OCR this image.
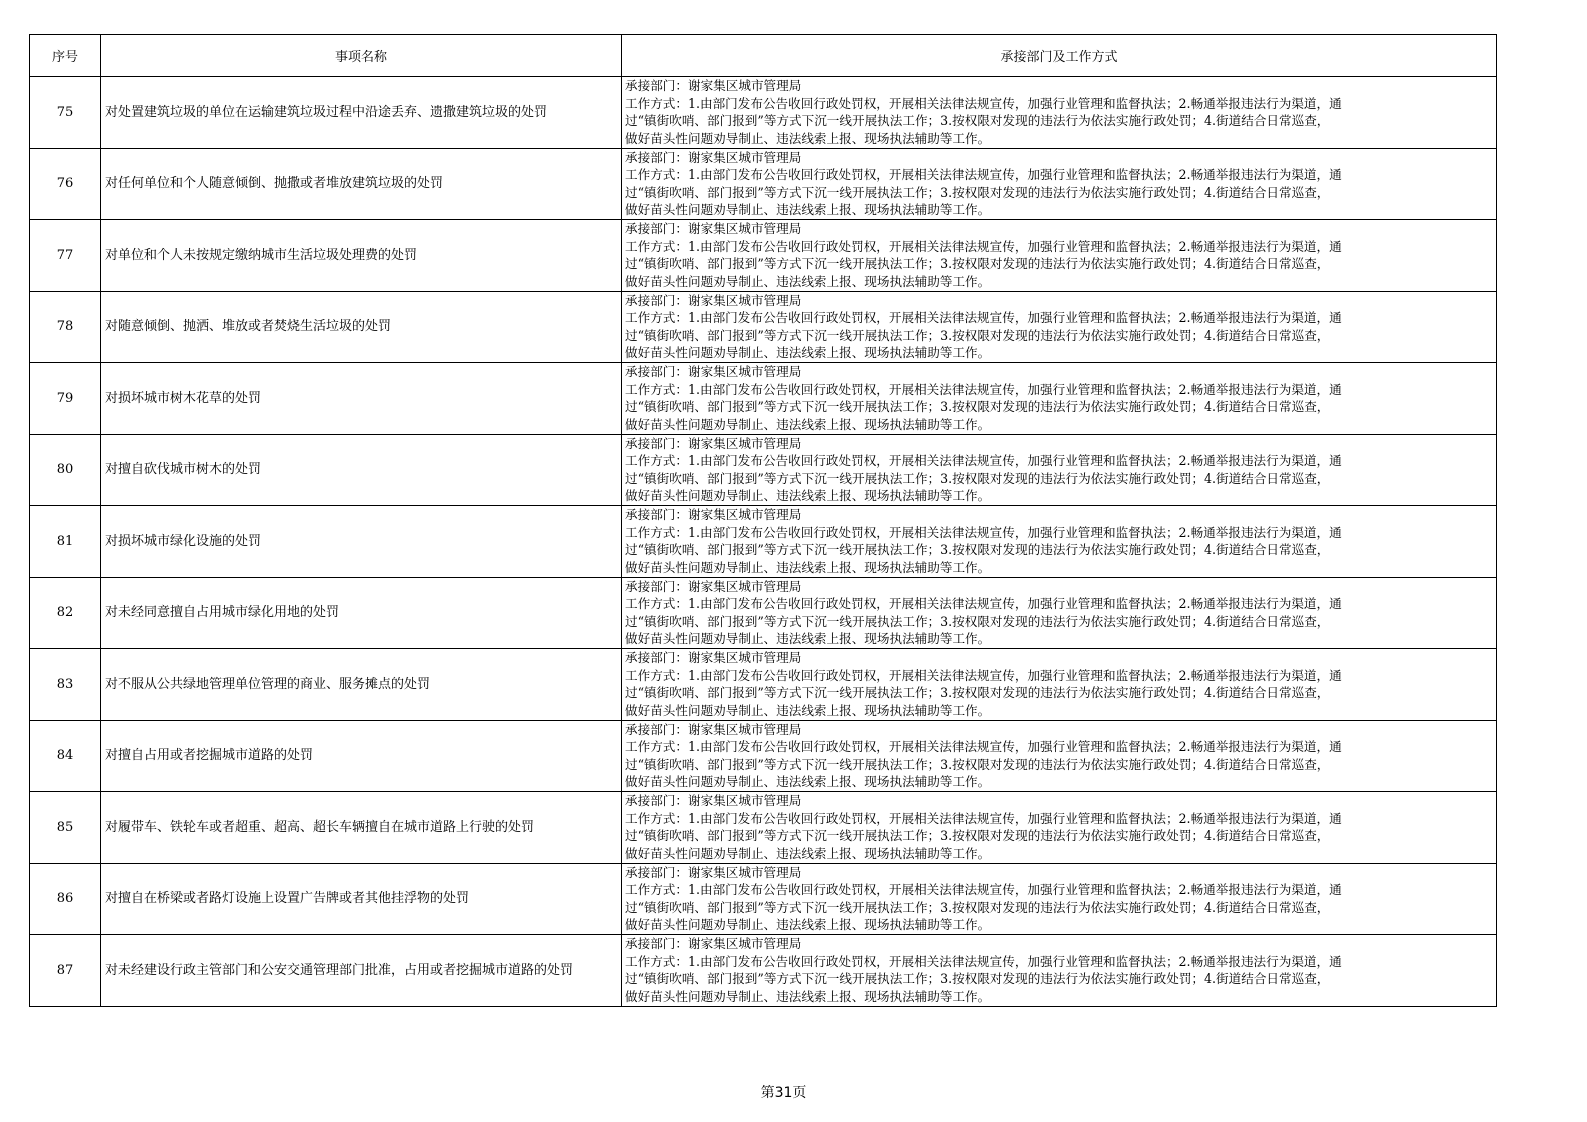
序号	事项名称	承接部门及工作方式
75	对处置建筑垃圾的单位在运输建筑垃圾过程中沿途丢弃、遗撒建筑垃圾的处罚	承接部门：谢家集区城市管理局
工作方式：1.由部门发布公告收回行政处罚权，开展相关法律法规宣传，加强行业管理和监督执法；2.畅通举报违法行为渠道，通
过“镇街吹哨、部门报到”等方式下沉一线开展执法工作；3.按权限对发现的违法行为依法实施行政处罚；4.街道结合日常巡查，
做好苗头性问题劝导制止、违法线索上报、现场执法辅助等工作。

76	对任何单位和个人随意倾倒、抛撒或者堆放建筑垃圾的处罚	承接部门：谢家集区城市管理局
工作方式：1.由部门发布公告收回行政处罚权，开展相关法律法规宣传，加强行业管理和监督执法；2.畅通举报违法行为渠道，通
过“镇街吹哨、部门报到”等方式下沉一线开展执法工作；3.按权限对发现的违法行为依法实施行政处罚；4.街道结合日常巡查，
做好苗头性问题劝导制止、违法线索上报、现场执法辅助等工作。

77	对单位和个人未按规定缴纳城市生活垃圾处理费的处罚	承接部门：谢家集区城市管理局
工作方式：1.由部门发布公告收回行政处罚权，开展相关法律法规宣传，加强行业管理和监督执法；2.畅通举报违法行为渠道，通
过“镇街吹哨、部门报到”等方式下沉一线开展执法工作；3.按权限对发现的违法行为依法实施行政处罚；4.街道结合日常巡查，
做好苗头性问题劝导制止、违法线索上报、现场执法辅助等工作。

78	对随意倾倒、抛洒、堆放或者焚烧生活垃圾的处罚	承接部门：谢家集区城市管理局
工作方式：1.由部门发布公告收回行政处罚权，开展相关法律法规宣传，加强行业管理和监督执法；2.畅通举报违法行为渠道，通
过“镇街吹哨、部门报到”等方式下沉一线开展执法工作；3.按权限对发现的违法行为依法实施行政处罚；4.街道结合日常巡查，
做好苗头性问题劝导制止、违法线索上报、现场执法辅助等工作。

79	对损坏城市树木花草的处罚	承接部门：谢家集区城市管理局
工作方式：1.由部门发布公告收回行政处罚权，开展相关法律法规宣传，加强行业管理和监督执法；2.畅通举报违法行为渠道，通
过“镇街吹哨、部门报到”等方式下沉一线开展执法工作；3.按权限对发现的违法行为依法实施行政处罚；4.街道结合日常巡查，
做好苗头性问题劝导制止、违法线索上报、现场执法辅助等工作。

80	对擅自砍伐城市树木的处罚	承接部门：谢家集区城市管理局
工作方式：1.由部门发布公告收回行政处罚权，开展相关法律法规宣传，加强行业管理和监督执法；2.畅通举报违法行为渠道，通
过“镇街吹哨、部门报到”等方式下沉一线开展执法工作；3.按权限对发现的违法行为依法实施行政处罚；4.街道结合日常巡查，
做好苗头性问题劝导制止、违法线索上报、现场执法辅助等工作。

81	对损坏城市绿化设施的处罚	承接部门：谢家集区城市管理局
工作方式：1.由部门发布公告收回行政处罚权，开展相关法律法规宣传，加强行业管理和监督执法；2.畅通举报违法行为渠道，通
过“镇街吹哨、部门报到”等方式下沉一线开展执法工作；3.按权限对发现的违法行为依法实施行政处罚；4.街道结合日常巡查，
做好苗头性问题劝导制止、违法线索上报、现场执法辅助等工作。

82	对未经同意擅自占用城市绿化用地的处罚	承接部门：谢家集区城市管理局
工作方式：1.由部门发布公告收回行政处罚权，开展相关法律法规宣传，加强行业管理和监督执法；2.畅通举报违法行为渠道，通
过“镇街吹哨、部门报到”等方式下沉一线开展执法工作；3.按权限对发现的违法行为依法实施行政处罚；4.街道结合日常巡查，
做好苗头性问题劝导制止、违法线索上报、现场执法辅助等工作。

83	对不服从公共绿地管理单位管理的商业、服务摊点的处罚	承接部门：谢家集区城市管理局
工作方式：1.由部门发布公告收回行政处罚权，开展相关法律法规宣传，加强行业管理和监督执法；2.畅通举报违法行为渠道，通
过“镇街吹哨、部门报到”等方式下沉一线开展执法工作；3.按权限对发现的违法行为依法实施行政处罚；4.街道结合日常巡查，
做好苗头性问题劝导制止、违法线索上报、现场执法辅助等工作。

84	对擅自占用或者挖掘城市道路的处罚	承接部门：谢家集区城市管理局
工作方式：1.由部门发布公告收回行政处罚权，开展相关法律法规宣传，加强行业管理和监督执法；2.畅通举报违法行为渠道，通
过“镇街吹哨、部门报到”等方式下沉一线开展执法工作；3.按权限对发现的违法行为依法实施行政处罚；4.街道结合日常巡查，
做好苗头性问题劝导制止、违法线索上报、现场执法辅助等工作。

85	对履带车、铁轮车或者超重、超高、超长车辆擅自在城市道路上行驶的处罚	承接部门：谢家集区城市管理局
工作方式：1.由部门发布公告收回行政处罚权，开展相关法律法规宣传，加强行业管理和监督执法；2.畅通举报违法行为渠道，通
过“镇街吹哨、部门报到”等方式下沉一线开展执法工作；3.按权限对发现的违法行为依法实施行政处罚；4.街道结合日常巡查，
做好苗头性问题劝导制止、违法线索上报、现场执法辅助等工作。

86	对擅自在桥梁或者路灯设施上设置广告牌或者其他挂浮物的处罚	承接部门：谢家集区城市管理局
工作方式：1.由部门发布公告收回行政处罚权，开展相关法律法规宣传，加强行业管理和监督执法；2.畅通举报违法行为渠道，通
过“镇街吹哨、部门报到”等方式下沉一线开展执法工作；3.按权限对发现的违法行为依法实施行政处罚；4.街道结合日常巡查，
做好苗头性问题劝导制止、违法线索上报、现场执法辅助等工作。

87	对未经建设行政主管部门和公安交通管理部门批准，占用或者挖掘城市道路的处罚	承接部门：谢家集区城市管理局
工作方式：1.由部门发布公告收回行政处罚权，开展相关法律法规宣传，加强行业管理和监督执法；2.畅通举报违法行为渠道，通
过“镇街吹哨、部门报到”等方式下沉一线开展执法工作；3.按权限对发现的违法行为依法实施行政处罚；4.街道结合日常巡查，
做好苗头性问题劝导制止、违法线索上报、现场执法辅助等工作。
第31页
